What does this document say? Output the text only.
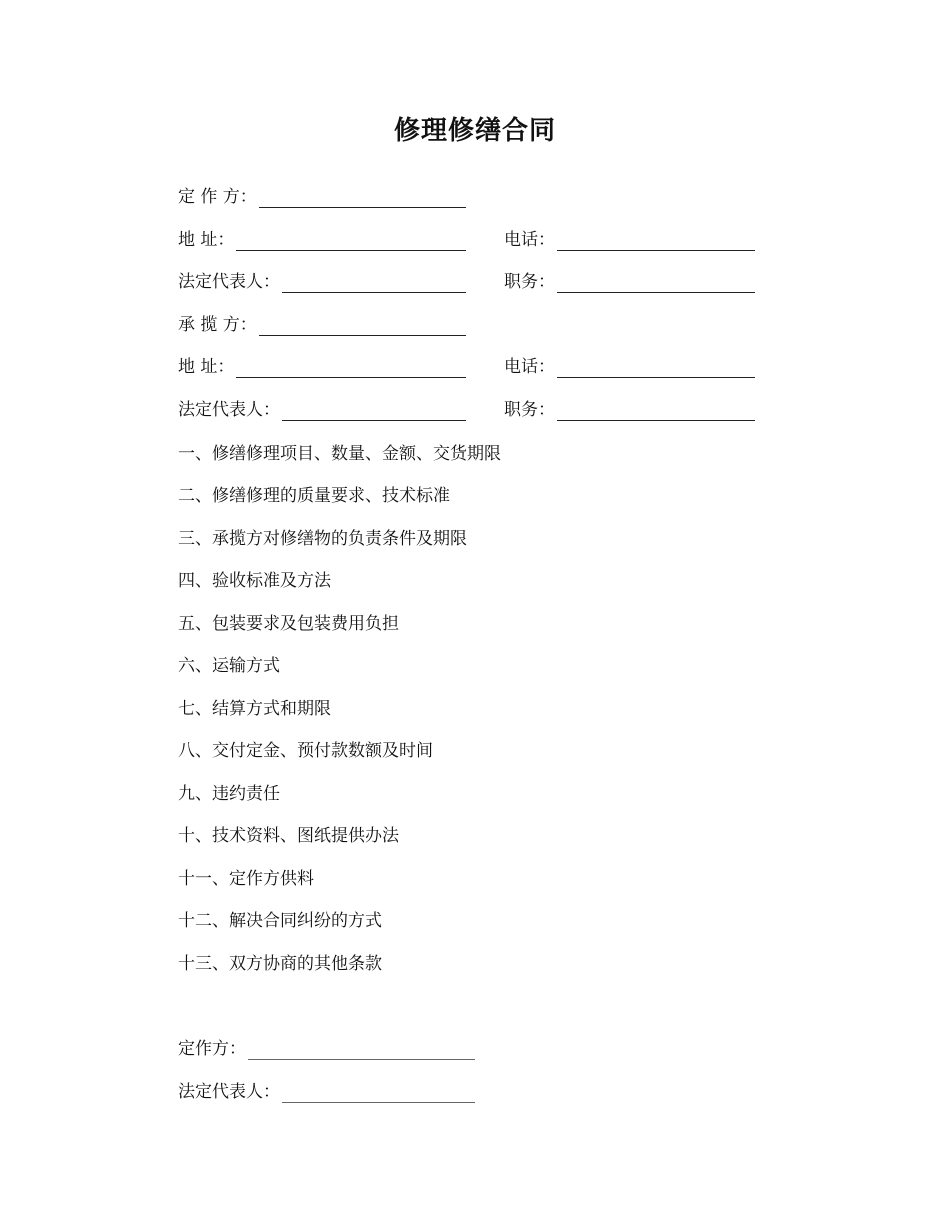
修理修缮合同
定 作 方：
地 址：	电话：
法定代表人：	职务：
承 揽 方：
地 址：	电话：
法定代表人：	职务：
一、修缮修理项目、数量、金额、交货期限
二、修缮修理的质量要求、技术标准
三、承揽方对修缮物的负责条件及期限
四、验收标准及方法
五、包装要求及包装费用负担
六、运输方式
七、结算方式和期限
八、交付定金、预付款数额及时间
九、违约责任
十、技术资料、图纸提供办法
十一、定作方供料
十二、解决合同纠纷的方式
十三、双方协商的其他条款
定作方：
法定代表人：
